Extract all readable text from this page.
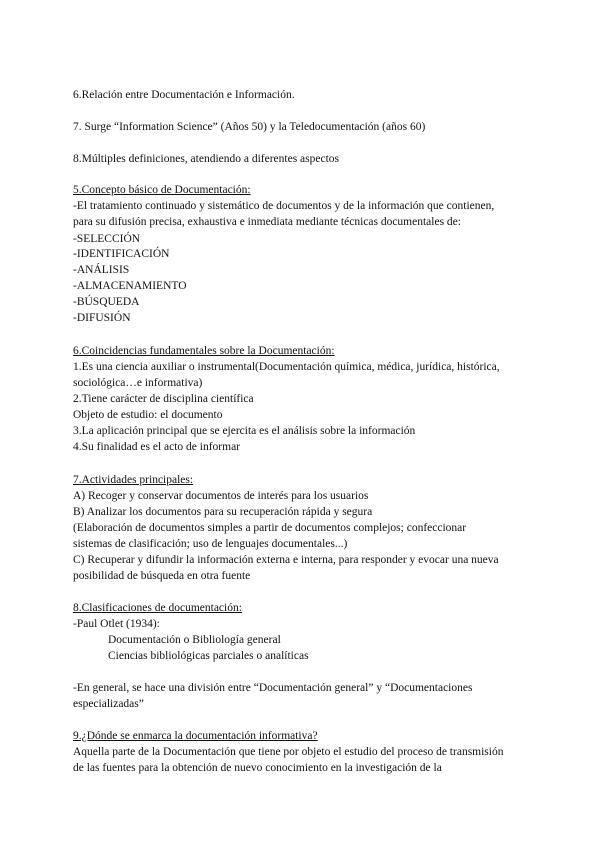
6.Relación entre Documentación e Información.
7. Surge “Information Science” (Años 50) y la Teledocumentación (años 60)
8.Múltiples definiciones, atendiendo a diferentes aspectos
5.Concepto básico de Documentación:
-El tratamiento continuado y sistemático de documentos y de la información que contienen,
para su difusión precisa, exhaustiva e inmediata mediante técnicas documentales de:
-SELECCIÓN
-IDENTIFICACIÓN
-ANÁLISIS
-ALMACENAMIENTO
-BÚSQUEDA
-DIFUSIÓN
6.Coincidencias fundamentales sobre la Documentación:
1.Es una ciencia auxiliar o instrumental(Documentación química, médica, jurídica, histórica,
sociológica…e informativa)
2.Tiene carácter de disciplina científica
Objeto de estudio: el documento
3.La aplicación principal que se ejercita es el análisis sobre la información
4.Su finalidad es el acto de informar
7.Actividades principales:
A) Recoger y conservar documentos de interés para los usuarios
B) Analizar los documentos para su recuperación rápida y segura
(Elaboración de documentos simples a partir de documentos complejos; confeccionar
sistemas de clasificación; uso de lenguajes documentales...)
C) Recuperar y difundir la información externa e interna, para responder y evocar una nueva
posibilidad de búsqueda en otra fuente
8.Clasificaciones de documentación:
-Paul Otlet (1934):
Documentación o Bibliología general
Ciencias bibliológicas parciales o analíticas
-En general, se hace una división entre “Documentación general” y “Documentaciones
especializadas”
9.¿Dónde se enmarca la documentación informativa?
Aquella parte de la Documentación que tiene por objeto el estudio del proceso de transmisión
de las fuentes para la obtención de nuevo conocimiento en la investigación de la
